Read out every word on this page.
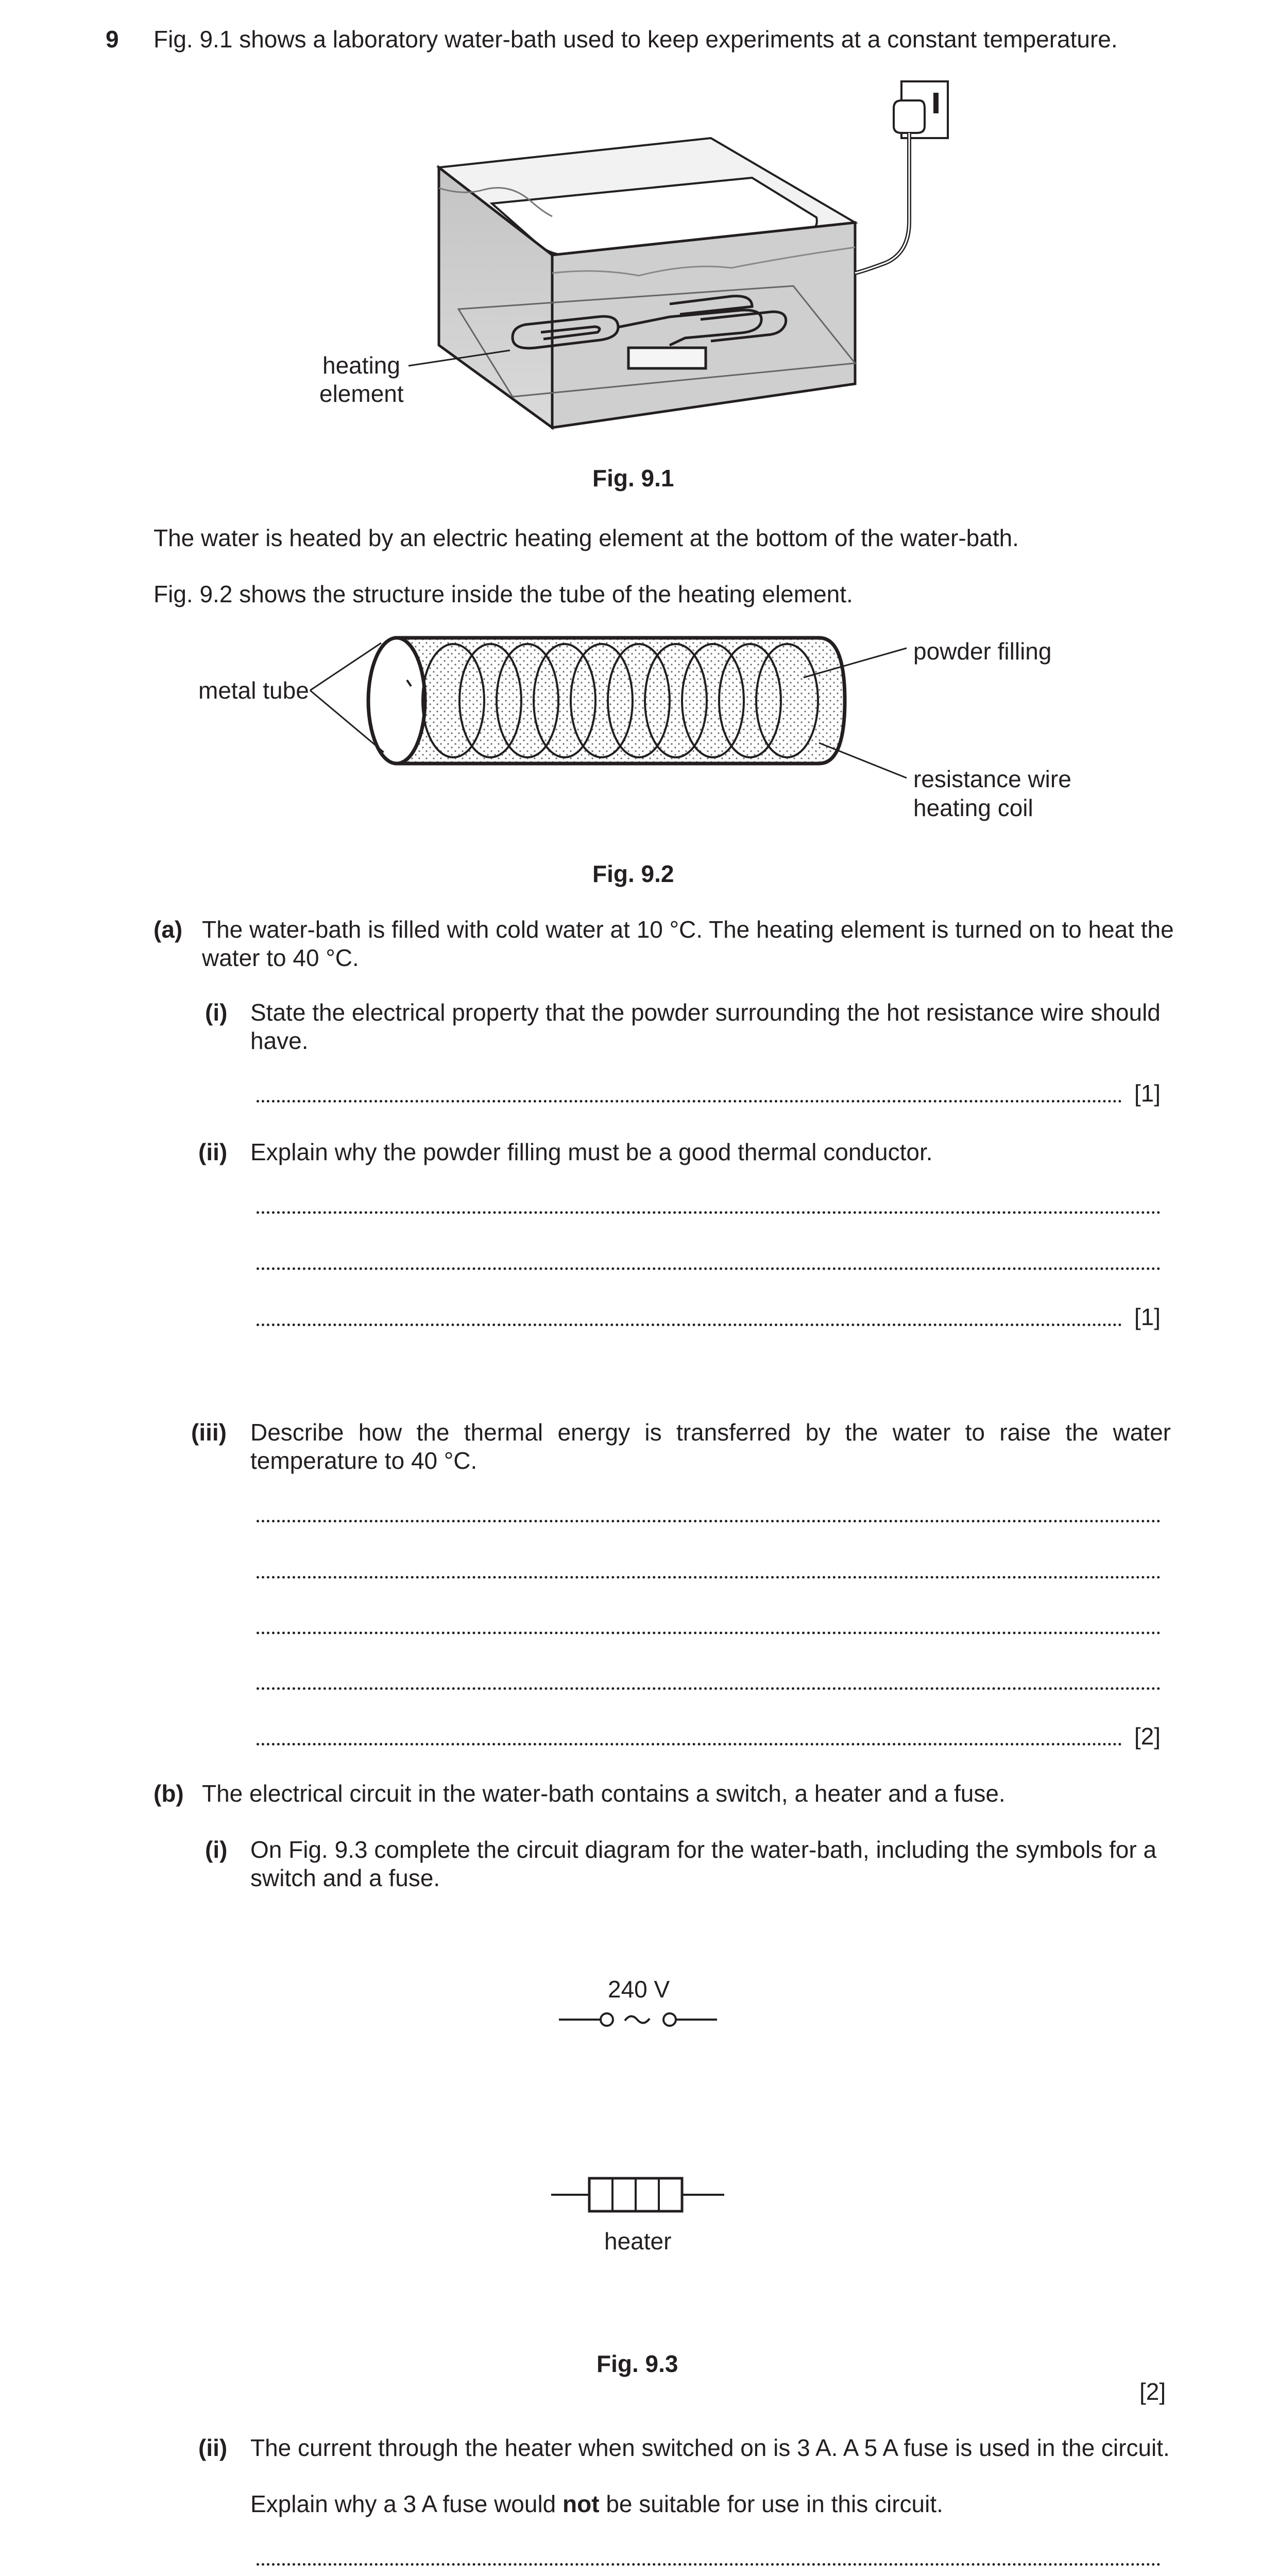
9 Fig. 9.1 shows a laboratory water-bath used to keep experiments at a constant temperature.
heating
element
Fig. 9.1
The water is heated by an electric heating element at the bottom of the water-bath.
Fig. 9.2 shows the structure inside the tube of the heating element.
metal tube
powder filling
resistance wire
heating coil
Fig. 9.2
(a) The water-bath is filled with cold water at 10 °C. The heating element is turned on to heat the
water to 40 °C.
(i) State the electrical property that the powder surrounding the hot resistance wire should
have.
[1]
(ii) Explain why the powder filling must be a good thermal conductor.
[1]
(iii) Describe how the thermal energy is transferred by the water to raise the water
temperature to 40 °C.
[2]
(b) The electrical circuit in the water-bath contains a switch, a heater and a fuse.
(i) On Fig. 9.3 complete the circuit diagram for the water-bath, including the symbols for a
switch and a fuse.
240 V
heater
Fig. 9.3
[2]
(ii) The current through the heater when switched on is 3 A. A 5 A fuse is used in the circuit.
Explain why a 3 A fuse would not be suitable for use in this circuit.
